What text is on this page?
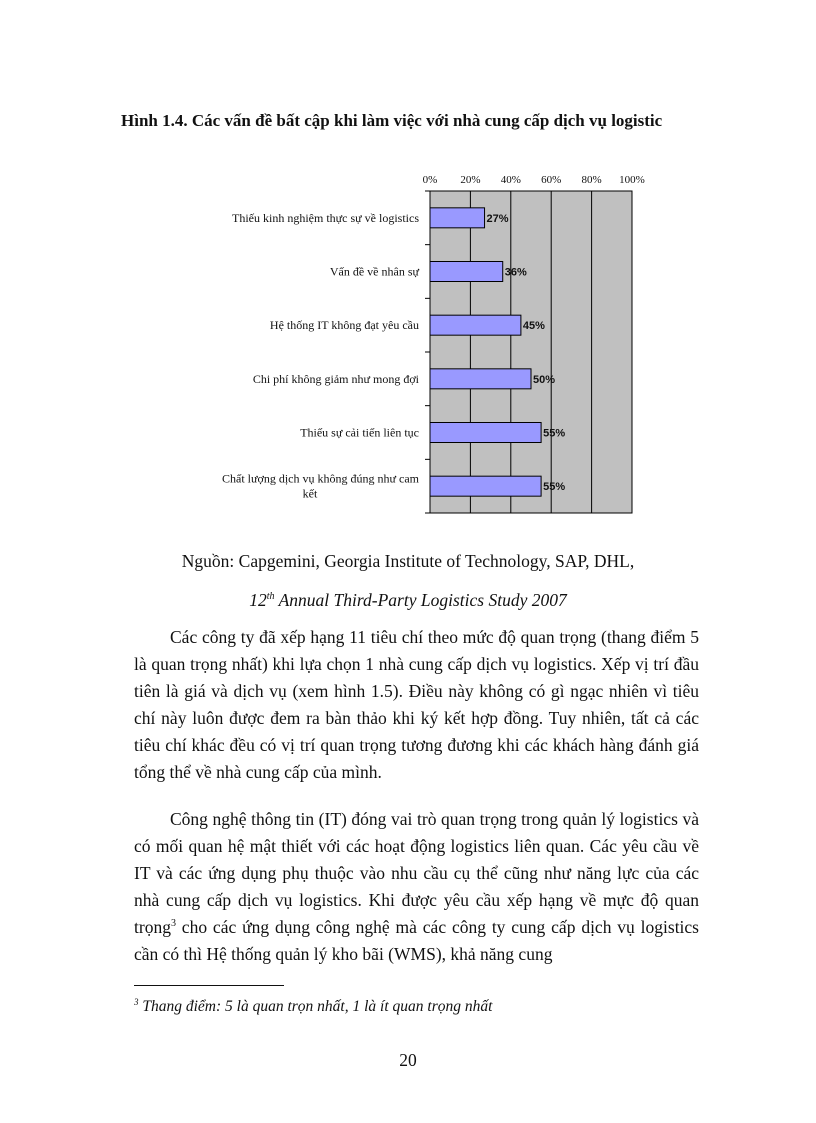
Hình 1.4. Các vấn đề bất cập khi làm việc với nhà cung cấp dịch vụ logistic
0% 20% 40% 60% 80% 100%
27%
Thiếu kinh nghiệm thực sự về logistics
36%
Vấn đề về nhân sự
45%
Hệ thống IT không đạt yêu cầu
50%
Chi phí không giảm như mong đợi
55%
Thiếu sự cải tiến liên tục
55%
Chất lượng dịch vụ không đúng như cam
kết
Nguồn: Capgemini, Georgia Institute of Technology, SAP, DHL,
12th Annual Third-Party Logistics Study 2007

Các công ty đã xếp hạng 11 tiêu chí theo mức độ quan trọng (thang điểm 5 là quan trọng nhất) khi lựa chọn 1 nhà cung cấp dịch vụ logistics. Xếp vị trí đầu tiên là giá và dịch vụ (xem hình 1.5). Điều này không có gì ngạc nhiên vì tiêu chí này luôn được đem ra bàn thảo khi ký kết hợp đồng. Tuy nhiên, tất cả các tiêu chí khác đều có vị trí quan trọng tương đương khi các khách hàng đánh giá tổng thể về nhà cung cấp của mình.

Công nghệ thông tin (IT) đóng vai trò quan trọng trong quản lý logistics và có mối quan hệ mật thiết với các hoạt động logistics liên quan. Các yêu cầu về IT và các ứng dụng phụ thuộc vào nhu cầu cụ thể cũng như năng lực của các nhà cung cấp dịch vụ logistics. Khi được yêu cầu xếp hạng về mực độ quan trọng$^3$ cho các ứng dụng công nghệ mà các công ty cung cấp dịch vụ logistics cần có thì Hệ thống quản lý kho bãi (WMS), khả năng cung

$^3$ Thang điểm: 5 là quan trọn nhất, 1 là ít quan trọng nhất
20
